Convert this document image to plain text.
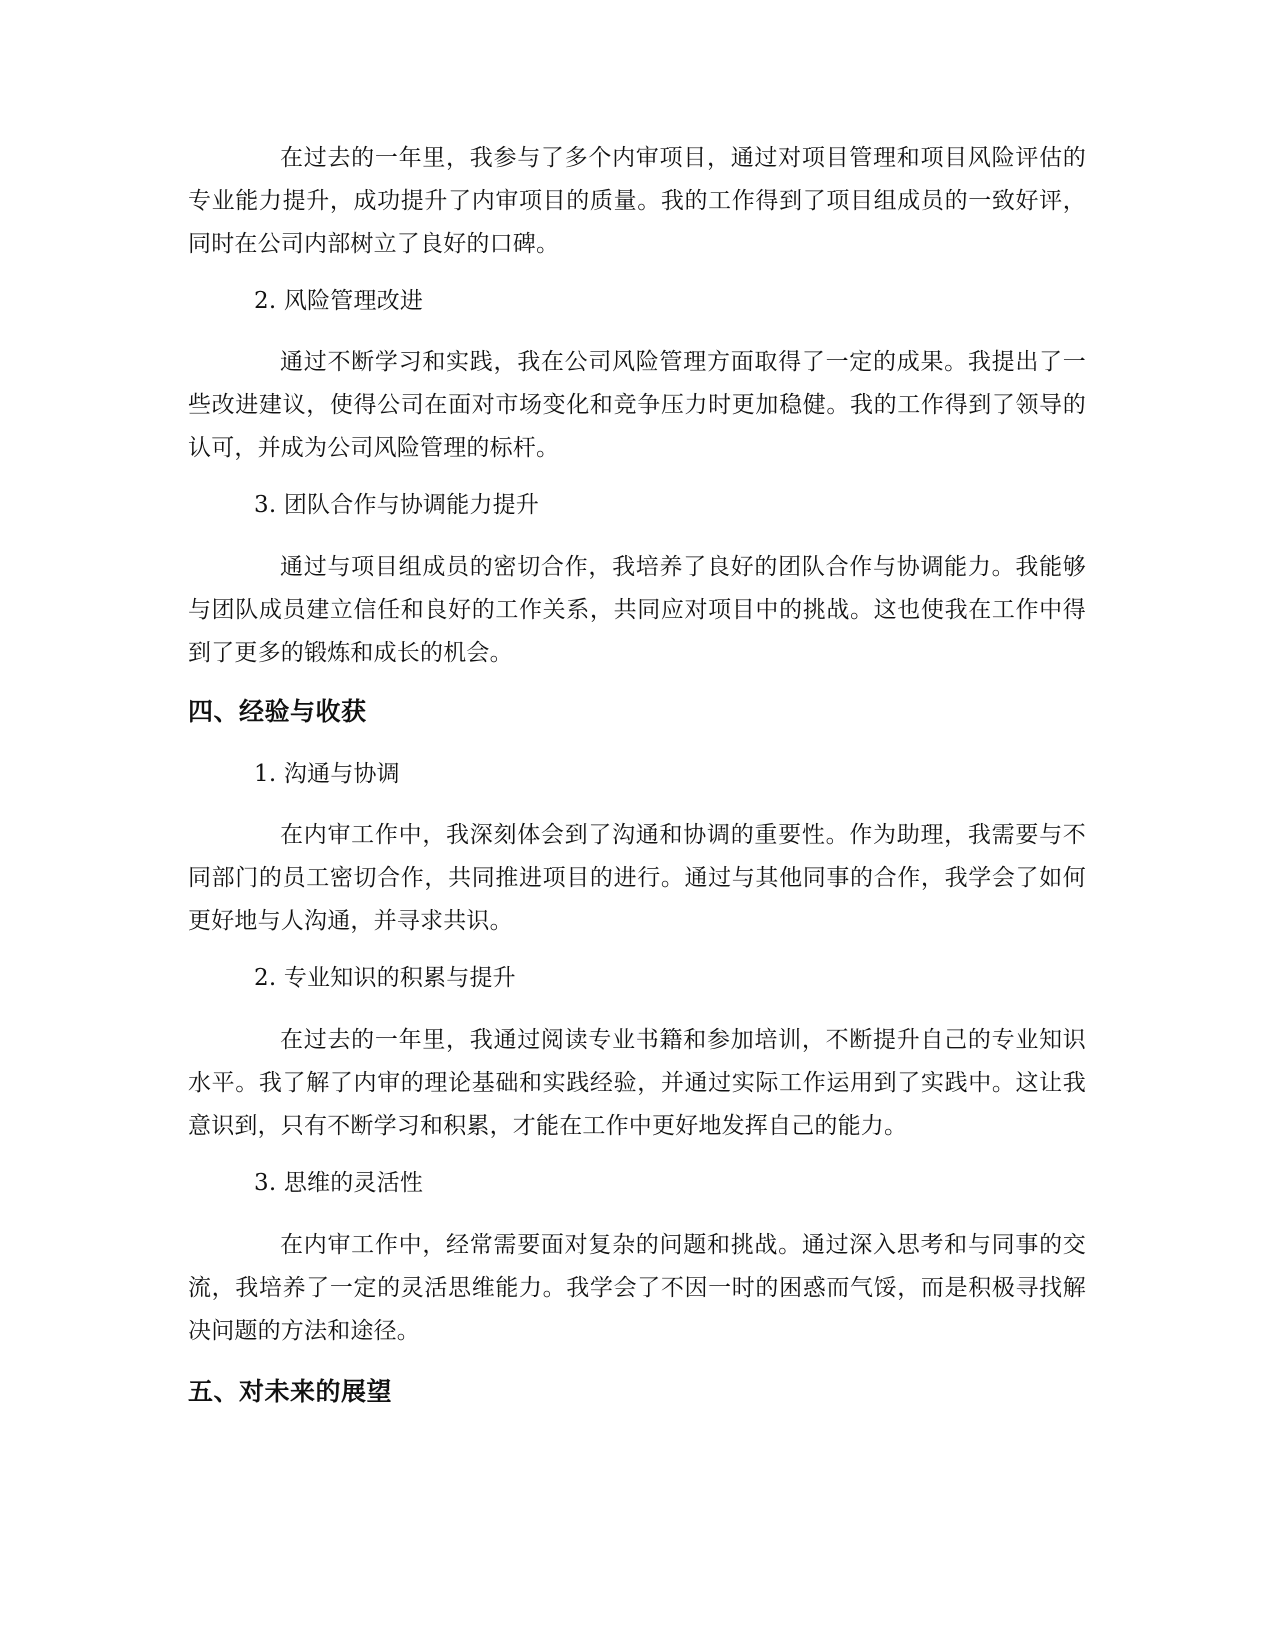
在过去的一年里，我参与了多个内审项目，通过对项目管理和项目风险评估的专业能力提升，成功提升了内审项目的质量。我的工作得到了项目组成员的一致好评，同时在公司内部树立了良好的口碑。
2. 风险管理改进
通过不断学习和实践，我在公司风险管理方面取得了一定的成果。我提出了一些改进建议，使得公司在面对市场变化和竞争压力时更加稳健。我的工作得到了领导的认可，并成为公司风险管理的标杆。
3. 团队合作与协调能力提升
通过与项目组成员的密切合作，我培养了良好的团队合作与协调能力。我能够与团队成员建立信任和良好的工作关系，共同应对项目中的挑战。这也使我在工作中得到了更多的锻炼和成长的机会。
四、经验与收获
1. 沟通与协调
在内审工作中，我深刻体会到了沟通和协调的重要性。作为助理，我需要与不同部门的员工密切合作，共同推进项目的进行。通过与其他同事的合作，我学会了如何更好地与人沟通，并寻求共识。
2. 专业知识的积累与提升
在过去的一年里，我通过阅读专业书籍和参加培训，不断提升自己的专业知识水平。我了解了内审的理论基础和实践经验，并通过实际工作运用到了实践中。这让我意识到，只有不断学习和积累，才能在工作中更好地发挥自己的能力。
3. 思维的灵活性
在内审工作中，经常需要面对复杂的问题和挑战。通过深入思考和与同事的交流，我培养了一定的灵活思维能力。我学会了不因一时的困惑而气馁，而是积极寻找解决问题的方法和途径。
五、对未来的展望
